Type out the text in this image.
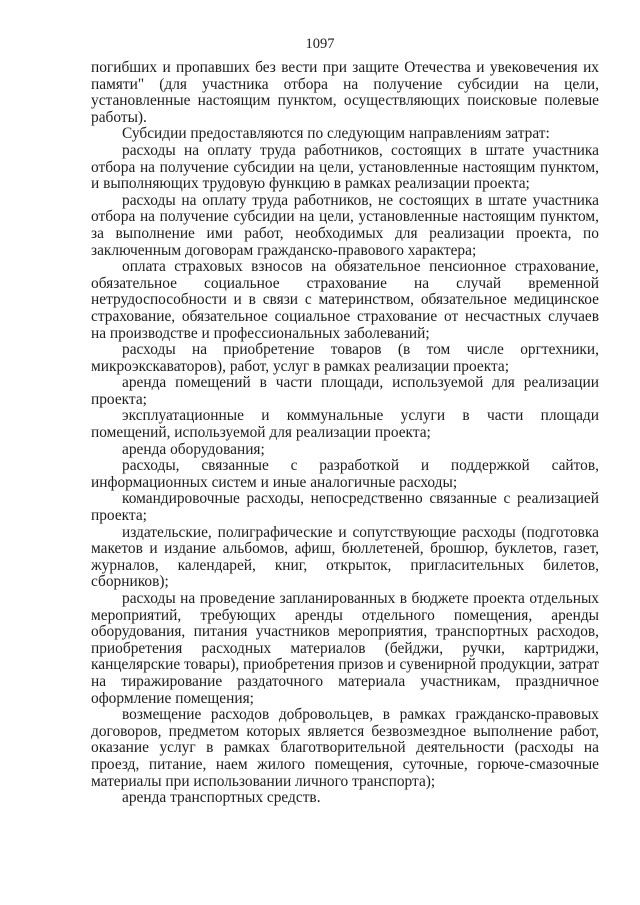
1097

погибших и пропавших без вести при защите Отечества и увековечения их памяти" (для участника отбора на получение субсидии на цели, установленные настоящим пунктом, осуществляющих поисковые полевые работы).

Субсидии предоставляются по следующим направлениям затрат:

расходы на оплату труда работников, состоящих в штате участника отбора на получение субсидии на цели, установленные настоящим пунктом, и выполняющих трудовую функцию в рамках реализации проекта;

расходы на оплату труда работников, не состоящих в штате участника отбора на получение субсидии на цели, установленные настоящим пунктом, за выполнение ими работ, необходимых для реализации проекта, по заключенным договорам гражданско-правового характера;

оплата страховых взносов на обязательное пенсионное страхование, обязательное социальное страхование на случай временной нетрудоспособности и в связи с материнством, обязательное медицинское страхование, обязательное социальное страхование от несчастных случаев на производстве и профессиональных заболеваний;

расходы на приобретение товаров (в том числе оргтехники, микроэкскаваторов), работ, услуг в рамках реализации проекта;

аренда помещений в части площади, используемой для реализации проекта;

эксплуатационные и коммунальные услуги в части площади помещений, используемой для реализации проекта;

аренда оборудования;

расходы, связанные с разработкой и поддержкой сайтов, информационных систем и иные аналогичные расходы;

командировочные расходы, непосредственно связанные с реализацией проекта;

издательские, полиграфические и сопутствующие расходы (подготовка макетов и издание альбомов, афиш, бюллетеней, брошюр, буклетов, газет, журналов, календарей, книг, открыток, пригласительных билетов, сборников);

расходы на проведение запланированных в бюджете проекта отдельных мероприятий, требующих аренды отдельного помещения, аренды оборудования, питания участников мероприятия, транспортных расходов, приобретения расходных материалов (бейджи, ручки, картриджи, канцелярские товары), приобретения призов и сувенирной продукции, затрат на тиражирование раздаточного материала участникам, праздничное оформление помещения;

возмещение расходов добровольцев, в рамках гражданско-правовых договоров, предметом которых является безвозмездное выполнение работ, оказание услуг в рамках благотворительной деятельности (расходы на проезд, питание, наем жилого помещения, суточные, горюче-смазочные материалы при использовании личного транспорта);

аренда транспортных средств.
